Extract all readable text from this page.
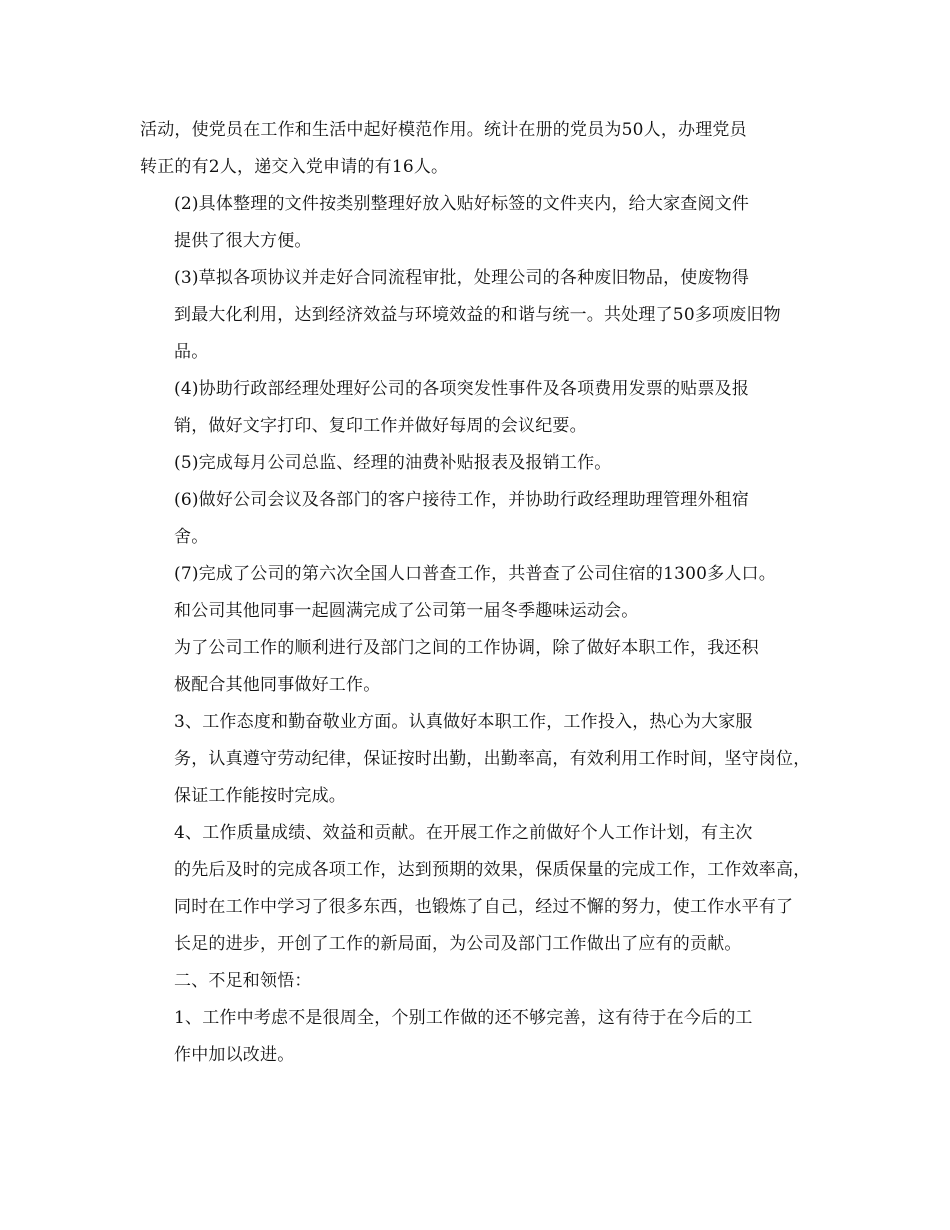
活动，使党员在工作和生活中起好模范作用。统计在册的党员为50人，办理党员
转正的有2人，递交入党申请的有16人。

(2)具体整理的文件按类别整理好放入贴好标签的文件夹内，给大家查阅文件
提供了很大方便。

(3)草拟各项协议并走好合同流程审批，处理公司的各种废旧物品，使废物得
到最大化利用，达到经济效益与环境效益的和谐与统一。共处理了50多项废旧物
品。

(4)协助行政部经理处理好公司的各项突发性事件及各项费用发票的贴票及报
销，做好文字打印、复印工作并做好每周的会议纪要。

(5)完成每月公司总监、经理的油费补贴报表及报销工作。

(6)做好公司会议及各部门的客户接待工作，并协助行政经理助理管理外租宿
舍。

(7)完成了公司的第六次全国人口普查工作，共普查了公司住宿的1300多人口。
和公司其他同事一起圆满完成了公司第一届冬季趣味运动会。

为了公司工作的顺利进行及部门之间的工作协调，除了做好本职工作，我还积
极配合其他同事做好工作。

3、工作态度和勤奋敬业方面。认真做好本职工作，工作投入，热心为大家服
务，认真遵守劳动纪律，保证按时出勤，出勤率高，有效利用工作时间，坚守岗位，
保证工作能按时完成。

4、工作质量成绩、效益和贡献。在开展工作之前做好个人工作计划，有主次
的先后及时的完成各项工作，达到预期的效果，保质保量的完成工作，工作效率高，
同时在工作中学习了很多东西，也锻炼了自己，经过不懈的努力，使工作水平有了
长足的进步，开创了工作的新局面，为公司及部门工作做出了应有的贡献。

二、不足和领悟：

1、工作中考虑不是很周全，个别工作做的还不够完善，这有待于在今后的工
作中加以改进。
